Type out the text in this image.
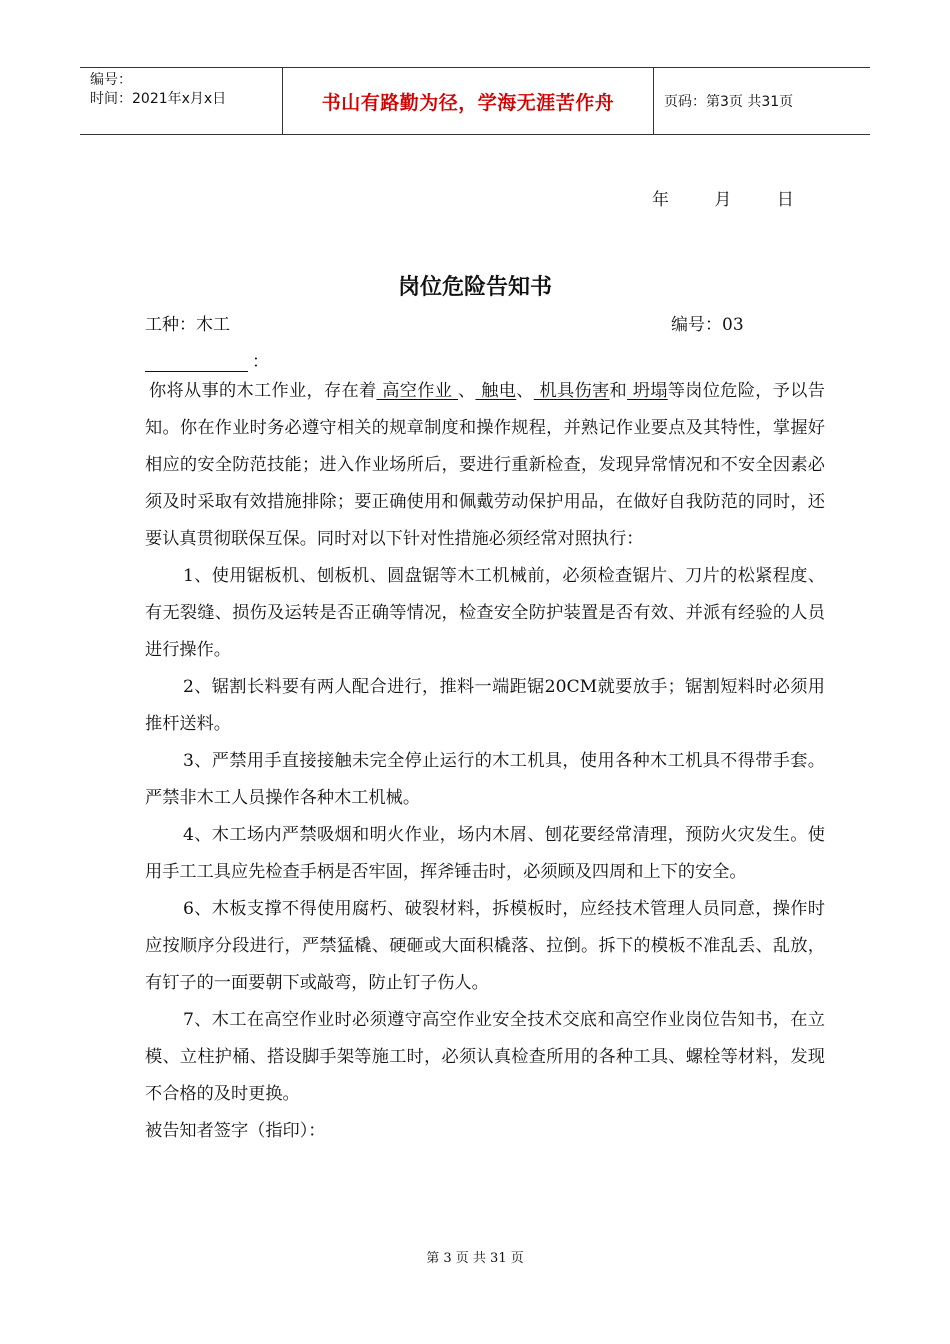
编号：
时间：2021年x月x日	书山有路勤为径，学海无涯苦作舟	页码：第3页 共31页
年	月	日
岗位危险告知书
工种：木工	编号：03
：

你将从事的木工作业，存在着 高空作业 、 触电、 机具伤害和 坍塌等岗位危险，予以告知。你在作业时务必遵守相关的规章制度和操作规程，并熟记作业要点及其特性，掌握好相应的安全防范技能；进入作业场所后，要进行重新检查，发现异常情况和不安全因素必须及时采取有效措施排除；要正确使用和佩戴劳动保护用品，在做好自我防范的同时，还要认真贯彻联保互保。同时对以下针对性措施必须经常对照执行：

1、使用锯板机、刨板机、圆盘锯等木工机械前，必须检查锯片、刀片的松紧程度、有无裂缝、损伤及运转是否正确等情况，检查安全防护装置是否有效、并派有经验的人员进行操作。

2、锯割长料要有两人配合进行，推料一端距锯20CM就要放手；锯割短料时必须用推杆送料。

3、严禁用手直接接触未完全停止运行的木工机具，使用各种木工机具不得带手套。严禁非木工人员操作各种木工机械。

4、木工场内严禁吸烟和明火作业，场内木屑、刨花要经常清理，预防火灾发生。使用手工工具应先检查手柄是否牢固，挥斧锤击时，必须顾及四周和上下的安全。

6、木板支撑不得使用腐朽、破裂材料，拆模板时，应经技术管理人员同意，操作时应按顺序分段进行，严禁猛橇、硬砸或大面积橇落、拉倒。拆下的模板不准乱丢、乱放，有钉子的一面要朝下或敲弯，防止钉子伤人。

7、木工在高空作业时必须遵守高空作业安全技术交底和高空作业岗位告知书，在立模、立柱护桶、搭设脚手架等施工时，必须认真检查所用的各种工具、螺栓等材料，发现不合格的及时更换。

被告知者签字（指印）：

第 3 页 共 31 页
